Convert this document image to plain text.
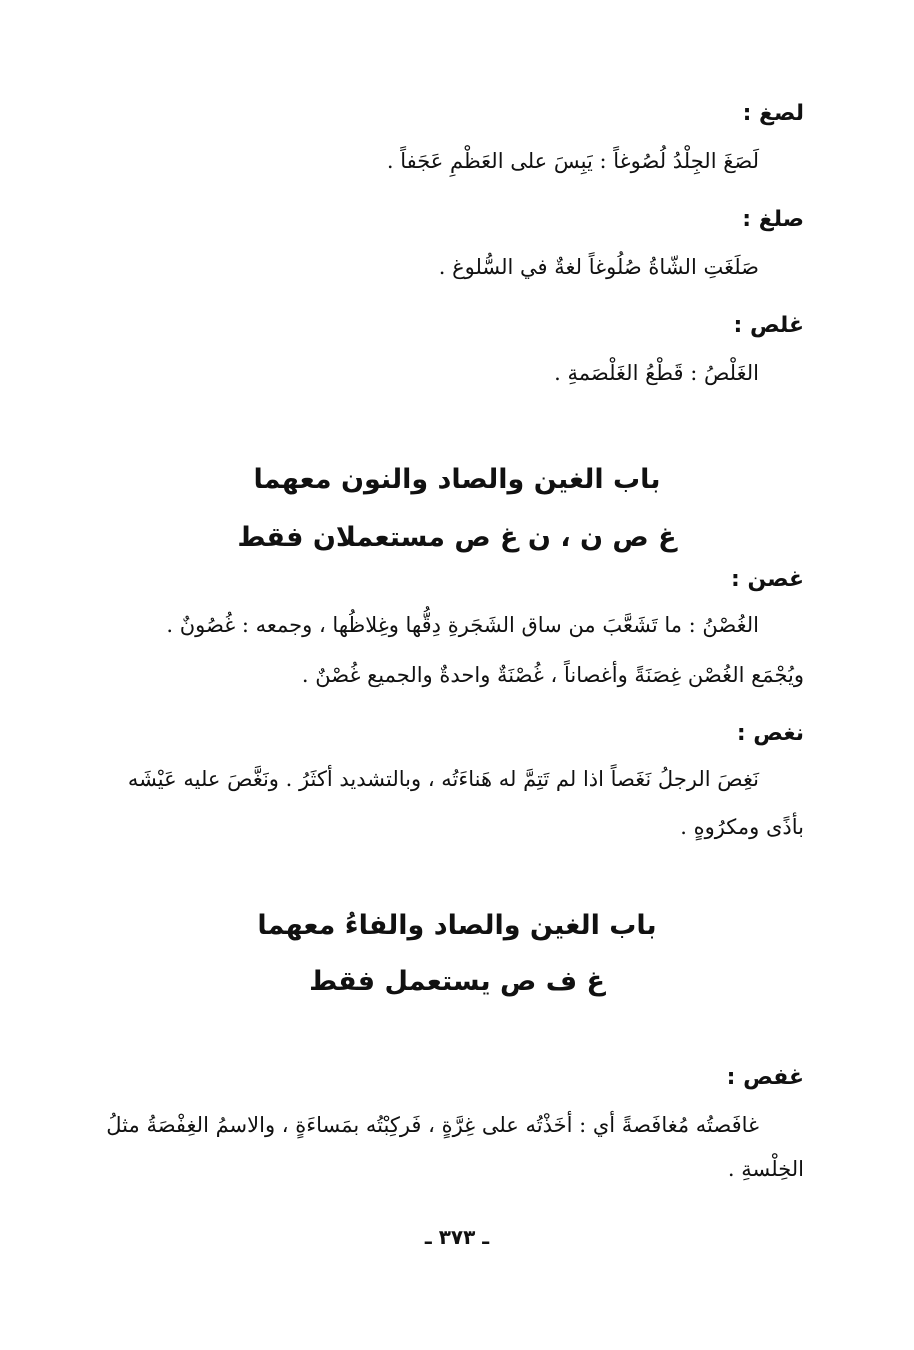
لصغ :
لَصَغَ الجِلْدُ لُصُوغاً : يَبِسَ على العَظْمِ عَجَفاً .
صلغ :
صَلَغَتِ الشّاةُ صُلُوغاً لغةٌ في السُّلوغ .
غلص :
الغَلْصُ : قَطْعُ الغَلْصَمةِ .
باب الغين والصاد والنون معهما
غ ص ن ، ن غ ص مستعملان فقط
غصن :
الغُصْنُ : ما تَشَعَّبَ من ساق الشَجَرةِ دِقُّها وغِلاظُها ، وجمعه : غُصُونٌ .
ويُجْمَع الغُصْن غِصَنَةً وأغصاناً ، غُصْنَةٌ واحدةٌ والجميع غُصْنٌ .
نغص :
نَغِصَ الرجلُ نَغَصاً اذا لم تَتِمَّ له هَناءَتُه ، وبالتشديد أكثَرُ . ونَغَّصَ عليه عَيْشَه
بأذًى ومكرُوهٍ .
باب الغين والصاد والفاءُ معهما
غ ف ص يستعمل فقط
غفص :
غافَصتُه مُغافَصةً أي : أخَذْتُه على غِرَّةٍ ، فَركِبْتُه بمَساءَةٍ ، والاسمُ الغِفْصَةُ مثلُ
الخِلْسةِ .
ـ ٣٧٣ ـ
